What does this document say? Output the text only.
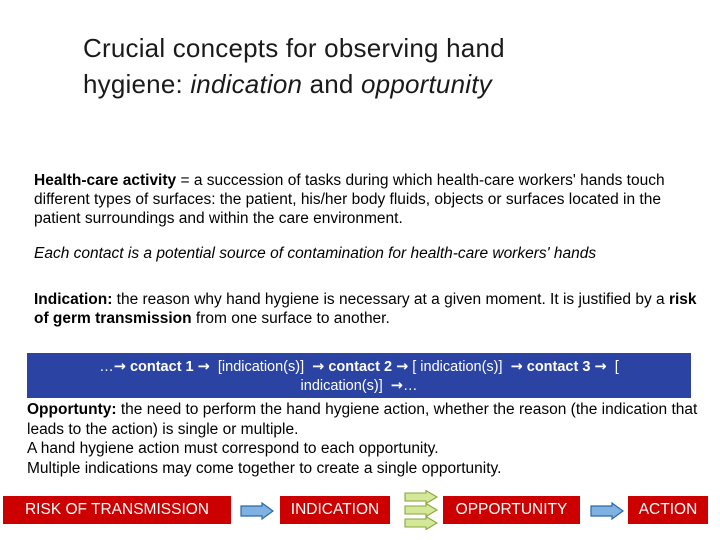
Crucial concepts for observing hand
hygiene: indication and opportunity
Health-care activity = a succession of tasks during which health-care workers' hands touch different types of surfaces: the patient, his/her body fluids, objects or surfaces located in the patient surroundings and within the care environment.
Each contact is a potential source of contamination for health-care workers' hands
Indication: the reason why hand hygiene is necessary at a given moment. It is justified by a risk of germ transmission from one surface to another.
…→ contact 1 → [indication(s)] → contact 2 → [ indication(s)] → contact 3 → [
indication(s)] →…
Opportunty: the need to perform the hand hygiene action, whether the reason (the indication that leads to the action) is single or multiple.
A hand hygiene action must correspond to each opportunity.
Multiple indications may come together to create a single opportunity.
RISK OF TRANSMISSION	INDICATION	OPPORTUNITY	ACTION
